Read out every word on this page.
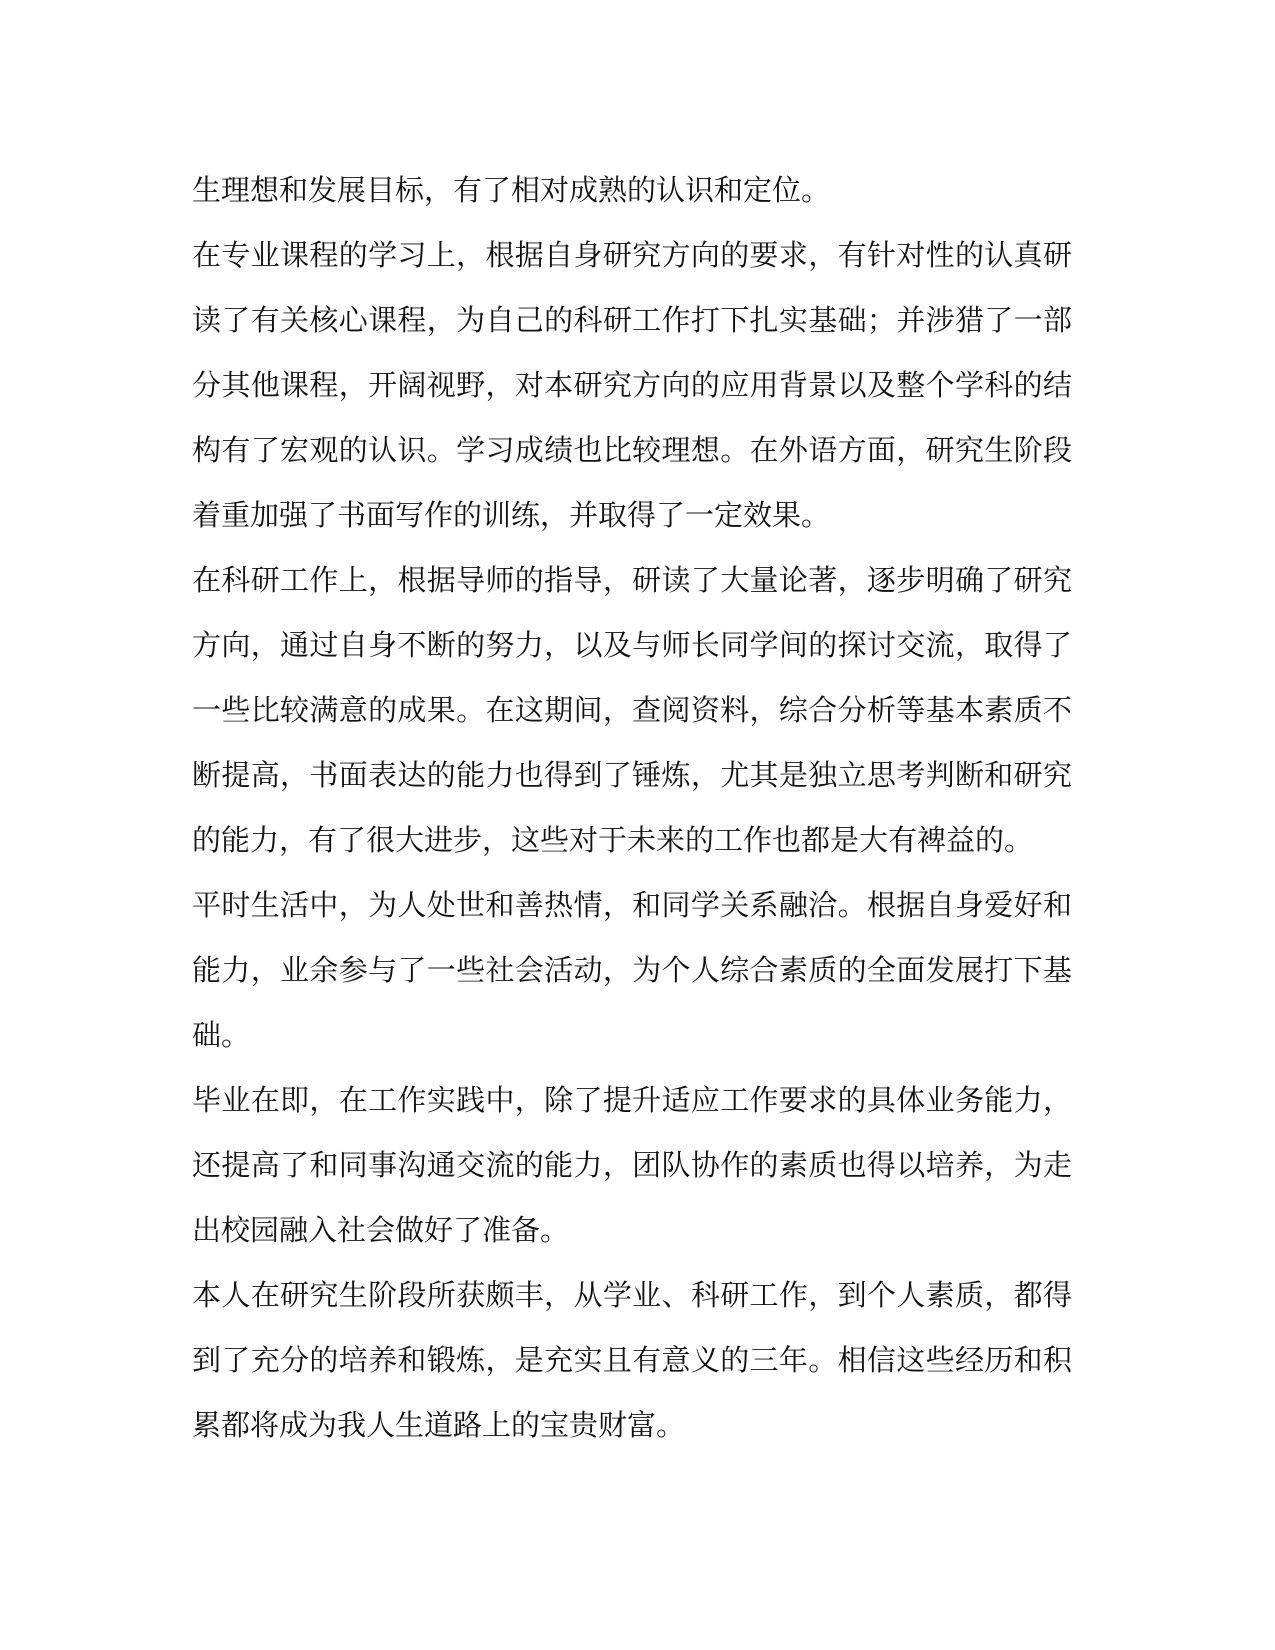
生理想和发展目标，有了相对成熟的认识和定位。

在专业课程的学习上，根据自身研究方向的要求，有针对性的认真研读了有关核心课程，为自己的科研工作打下扎实基础；并涉猎了一部分其他课程，开阔视野，对本研究方向的应用背景以及整个学科的结构有了宏观的认识。学习成绩也比较理想。在外语方面，研究生阶段着重加强了书面写作的训练，并取得了一定效果。

在科研工作上，根据导师的指导，研读了大量论著，逐步明确了研究方向，通过自身不断的努力，以及与师长同学间的探讨交流，取得了一些比较满意的成果。在这期间，查阅资料，综合分析等基本素质不断提高，书面表达的能力也得到了锤炼，尤其是独立思考判断和研究的能力，有了很大进步，这些对于未来的工作也都是大有裨益的。

平时生活中，为人处世和善热情，和同学关系融洽。根据自身爱好和能力，业余参与了一些社会活动，为个人综合素质的全面发展打下基础。

毕业在即，在工作实践中，除了提升适应工作要求的具体业务能力，还提高了和同事沟通交流的能力，团队协作的素质也得以培养，为走出校园融入社会做好了准备。

本人在研究生阶段所获颇丰，从学业、科研工作，到个人素质，都得到了充分的培养和锻炼，是充实且有意义的三年。相信这些经历和积累都将成为我人生道路上的宝贵财富。
